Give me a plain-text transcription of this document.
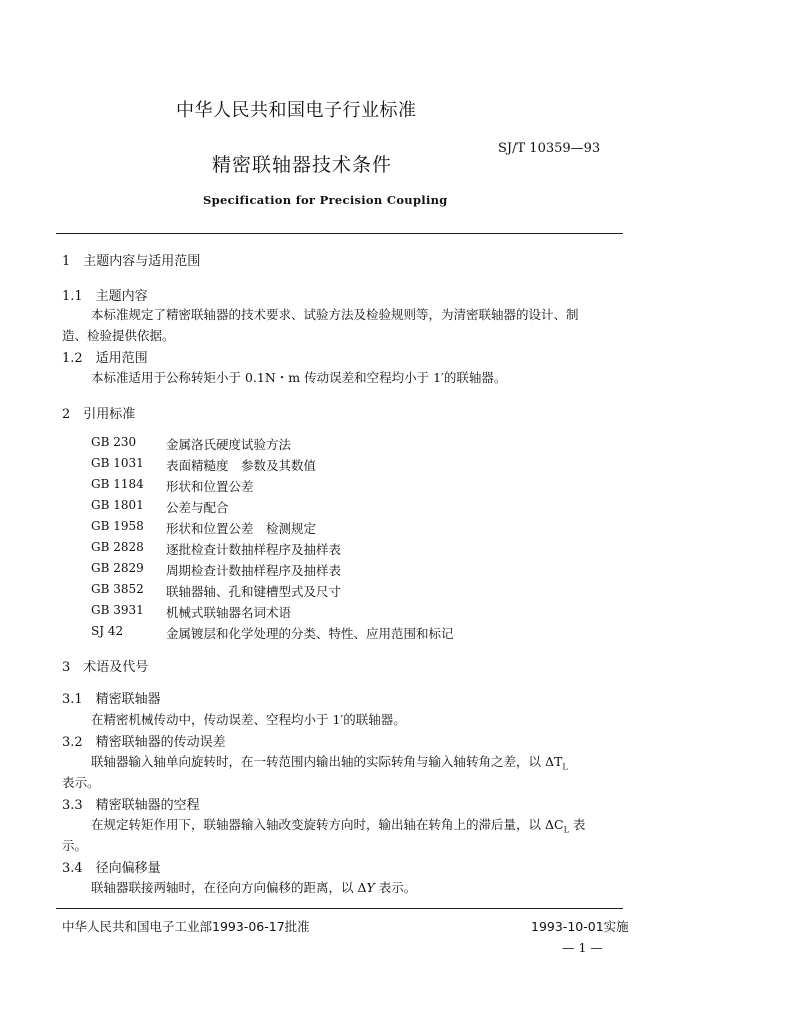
中华人民共和国电子行业标准
SJ/T 10359—93
精密联轴器技术条件
Specification for Precision Coupling
1　主题内容与适用范围
1.1　主题内容
本标准规定了精密联轴器的技术要求、试验方法及检验规则等，为清密联轴器的设计、制
造、检验提供依据。
1.2　适用范围
本标准适用于公称转矩小于 0.1N・m 传动误差和空程均小于 1′的联轴器。
2　引用标准
GB 230 金属洛氏硬度试验方法
GB 1031 表面精糙度　参数及其数值
GB 1184 形状和位置公差
GB 1801 公差与配合
GB 1958 形状和位置公差　检测规定
GB 2828 逐批检查计数抽样程序及抽样表
GB 2829 周期检查计数抽样程序及抽样表
GB 3852 联轴器轴、孔和键槽型式及尺寸
GB 3931 机械式联轴器名词术语
SJ 42	金属镀层和化学处理的分类、特性、应用范围和标记
3　术语及代号
3.1　精密联轴器
在精密机械传动中，传动误差、空程均小于 1′的联轴器。
3.2　精密联轴器的传动误差
联轴器输入轴单向旋转时，在一转范围内输出轴的实际转角与输入轴转角之差，以 $\Delta T_L$
表示。
3.3　精密联轴器的空程
在规定转矩作用下，联轴器输入轴改变旋转方向时，输出轴在转角上的滞后量，以 $\Delta C_L$ 表
示。
3.4　径向偏移量
联轴器联接两轴时，在径向方向偏移的距离，以 ΔY 表示。
中华人民共和国电子工业部1993-06-17批准	1993-10-01实施
— 1 —
